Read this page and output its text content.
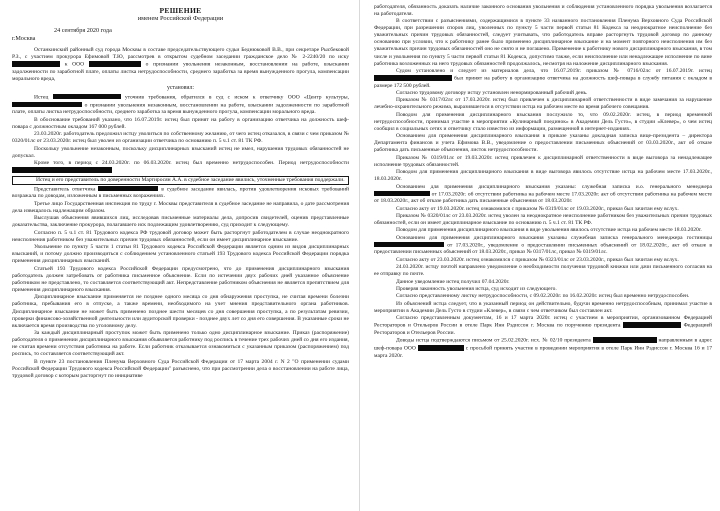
РЕШЕНИЕ
именем Российской Федерации
24 сентября 2020 года
г.Москва

Останкинский районный суд города Москвы в составе председательствующего судьи Беднюковой В.В., при секретаре Рысбековой Р.З., с участием прокурора Ефимовой Т.Ю, рассмотрев в открытом судебном заседании гражданское дело № 2-2240/20 по иску  к ООО	о признании увольнения незаконным, восстановлении на работе, взыскании задолженности по заработной плате, оплаты листка нетрудоспособности, среднего заработка за время вынужденного прогула, компенсации морального вреда,

установил:

Истец	уточнив требования, обратился в суд с иском к ответчику ООО «Центр культуры,  о признании увольнения незаконным, восстановлении на работе, взыскании задолженности по заработной плате, оплаты листка нетрудоспособности, среднего заработка за время вынужденного прогула, компенсации морального вреда.

В обоснование требований указано, что 16.07.2019г. истец был принят на работу в организацию ответчика на должность шеф-повара с должностным окладом 167 000 рублей.

23.03.2020г. работодатель предложил истцу уволиться по собственному желанию, от чего истец отказался, в связи с чем приказом № 0320/01лс от 23.03.2020г. истец был уволен из организации ответчика по основанию п. 5 ч.1 ст. 81 ТК РФ.

Поскольку увольнение незаконным, поскольку дисциплинарных взысканий истец не имел, нарушения трудовых обязанностей не допускал.

Кроме того, в период с 24.03.2020г. по 06.03.2020г. истец был временно нетрудоспособен. Период нетрудоспособности

Истец и его представитель по доверенности Мартиросян А.А. в судебное заседание явились, уточненные требования поддержали.

Представитель ответчика	в судебное заседание явилась, против удовлетворения исковых требований возражала по доводам, изложенным в письменных возражениях.

Третье лицо Государственная инспекция по труду г. Москвы представителя в судебное заседание не направила, о дате рассмотрения дела извещалось надлежащим образом.

Выслушав объяснения явившихся лиц, исследовав письменные материалы дела, допросив свидетелей, оценив представленные доказательства, заключение прокурора, полагавшего иск подлежащим удовлетворению, суд приходит к следующему.

Согласно п. 5 ч.1 ст. 81 Трудового кодекса РФ трудовой договор может быть расторгнут работодателем в случае неоднократного неисполнения работником без уважительных причин трудовых обязанностей, если он имеет дисциплинарное взыскание.

Увольнение по пункту 5 части 1 статьи 81 Трудового кодекса Российской Федерации является одним из видов дисциплинарных взысканий, и потому должно производиться с соблюдением установленного статьей 193 Трудового кодекса Российской Федерации порядка применения дисциплинарных взысканий.

Статьей 193 Трудового кодекса Российской Федерации предусмотрено, что до применения дисциплинарного взыскания работодатель должен затребовать от работника письменное объяснение. Если по истечении двух рабочих дней указанное объяснение работником не представлено, то составляется соответствующий акт. Непредставление работником объяснения не является препятствием для применения дисциплинарного взыскания.

Дисциплинарное взыскание применяется не позднее одного месяца со дня обнаружения проступка, не считая времени болезни работника, пребывания его в отпуске, а также времени, необходимого на учет мнения представительного органа работников. Дисциплинарное взыскание не может быть применено позднее шести месяцев со дня совершения проступка, а по результатам ревизии, проверки финансово-хозяйственной деятельности или аудиторской проверки - позднее двух лет со дня его совершения. В указанные сроки не включается время производства по уголовному делу.

За каждый дисциплинарный проступок может быть применено только одно дисциплинарное взыскание. Приказ (распоряжение) работодателя о применении дисциплинарного взыскания объявляется работнику под роспись в течение трех рабочих дней со дня его издания, не считая времени отсутствия работника на работе. Если работник отказывается ознакомиться с указанным приказом (распоряжением) под роспись, то составляется соответствующий акт.

В пункте 23 постановления Пленума Верховного Суда Российской Федерации от 17 марта 2004 г. N 2 "О применении судами Российской Федерации Трудового кодекса Российской Федерации" разъяснено, что при рассмотрении дела о восстановлении на работе лица, трудовой договор с которым расторгнут по инициативе

работодателя, обязанность доказать наличие законного основания увольнения и соблюдения установленного порядка увольнения возлагается на работодателя.

В соответствии с разъяснениями, содержащимися в пункте 33 названного постановления Пленума Верховного Суда Российской Федерации, при разрешении споров лиц, уволенных по пункту 5 части первой статьи 81 Кодекса за неоднократное неисполнение без уважительных причин трудовых обязанностей, следует учитывать, что работодатель вправе расторгнуть трудовой договор по данному основанию при условии, что к работнику ранее было применено дисциплинарное взыскание и на момент повторного неисполнения им без уважительных причин трудовых обязанностей оно не снято и не погашено. Применение к работнику нового дисциплинарного взыскания, в том числе и увольнения по пункту 5 части первой статьи 81 Кодекса, допустимо также, если неисполнение или ненадлежащее исполнение по вине работника возложенных на него трудовых обязанностей продолжалось, несмотря на наложение дисциплинарного взыскания.

Судом установлено и следует из материалов дела, что 16.07.2019г. приказом № 0716/02лс от 16.07.2019г. истец  был принят на работу в организацию ответчика на должность шеф-повара в службу питания с окладом в размере 172 500 рублей.

Согласно трудовому договору истцу установлен ненормированный рабочий день.

Приказом № 0317/02лс от 17.03.2020г. истец был привлечен к дисциплинарной ответственности в виде замечания за нарушение лечебно-охранительного режима, выразившегося в отсутствии истца на рабочем месте во время рабочего совещания.

Поводом для применения дисциплинарного взыскания послужило то, что 09.02.2020г. истец, в период временной нетрудоспособности, принимал участие в мероприятии «Кулинарный поединок» в Академии Дель Густо», в студии «Клевер», о чем истец сообщил в социальных сетях и ответчику стало известно из информации, размещенной в интернет-изданиях.

Основанием для применения дисциплинарного взыскания в приказе указаны докладная записка вице-президента – директора Департамента финансов и учета Ефимова В.В., уведомление о предоставлении письменных объяснений от 03.03.2020г., акт об отказе работника дать письменные объяснения, листок нетрудоспособности.

Приказом № 0319/01лс от 19.03.2020г. истец привлечен к дисциплинарной ответственности в виде выговора за ненадлежащее исполнение трудовых обязанностей.

Поводом для применения дисциплинарного взыскания в виде выговора явилось отсутствие истца на рабочем месте 17.03.2020г., 18.03.2020г.

Основанием для применения дисциплинарного взыскания указаны: служебная записка и.о. генерального менеджера  от 17.03.2020г. об отсутствии работника на рабочем месте 17.03.2020г. акт об отсутствии работника на рабочем месте от 18.03.2020г., акт об отказе работника дать письменные объяснения от 18.03.2020г.

Согласно акту от 19.03.2020г. истец ознакомился с приказом № 0319/01лс от 19.03.2020г., приказ был зачитан ему вслух.

Приказом № 0320/01лс от 23.03.2020г. истец уволен за неоднократное неисполнение работником без уважительных причин трудовых обязанностей, если он имеет дисциплинарное взыскание по основанию п. 5 ч.1 ст. 81 ТК РФ.

Поводом для применения дисциплинарного взыскания в виде увольнения явилось отсутствие истца на рабочем месте 18.03.2020г.

Основанием для применения дисциплинарного взыскания указаны служебная записка генерального менеджера гостиницы  от 17.03.2020г., уведомление о предоставлении письменных объяснений от 18.02.2020г., акт об отказе в предоставлении письменных объяснений от 18.03.2020г., приказ № 0317/01лс, приказ № 0319/01лс.

Согласно акту от 23.03.2020г. истец ознакомился с приказом № 0323/01лс от 23.03.2020г., приказ был зачитан ему вслух.

24.03.2020г. истцу почтой направлено уведомление о необходимости получения трудовой книжки или дачи письменного согласия на ее отправку по почте.

Данное уведомление истец получил 07.04.2020г.

Проверяя законность увольнения истца, суд исходит из следующего.

Согласно представленному листку нетрудоспособности, с 09.02.2020г. по 16.02.2020г. истец был временно нетрудоспособен.

Из объяснений истца следует, что в указанный период он действительно, будучи временно нетрудоспособным, принимал участие в мероприятии в Академии Дель Густо в студии «Клевер», в связи с чем ответчиком был составлен акт.

Согласно представленным документам, 16 и 17 марта 2020г. истец с участием в мероприятии, организованном Федерацией Рестораторов и Отельеров России в отеле Парк Инн Рэдиссон г. Москва по поручению президента	Федерацией Рестораторов и Отельеров России.

Доводы истца подтверждаются письмом от 25.02.2020г. исх. № 02/10 президента	направленным в адрес шеф-повара ООО	с просьбой принять участие в проведении мероприятия в отеле Парк Инн Рэдиссон г. Москва 16 и 17 марта 2020г.
